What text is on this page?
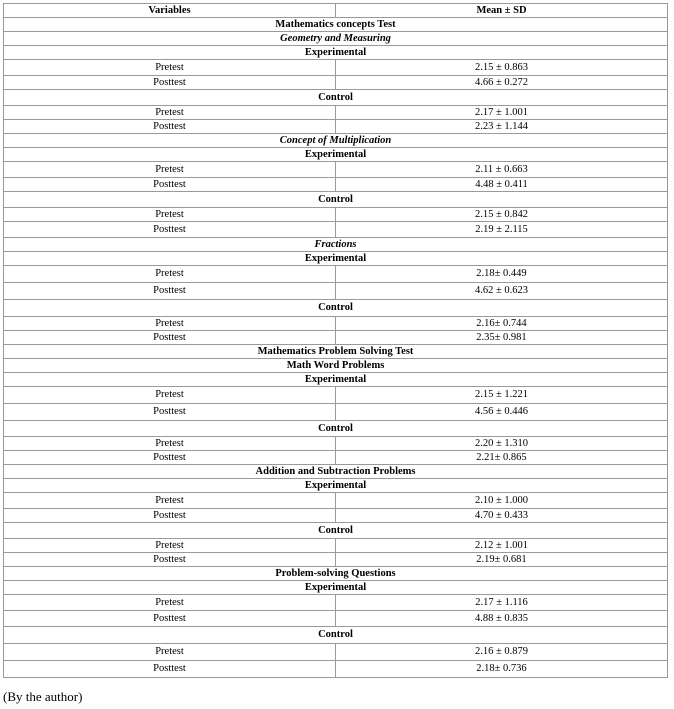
Variables	Mean ± SD
Mathematics concepts Test	
Geometry and Measuring	
Experimental	
Pretest	2.15 ± 0.863
Posttest	4.66 ± 0.272
Control	
Pretest	2.17 ± 1.001
Posttest	2.23 ± 1.144
Concept of Multiplication	
Experimental	
Pretest	2.11 ± 0.663
Posttest	4.48 ± 0.411
Control	
Pretest	2.15 ± 0.842
Posttest	2.19 ± 2.115
Fractions	
Experimental	
Pretest	2.18± 0.449
Posttest	4.62 ± 0.623
Control	
Pretest	2.16± 0.744
Posttest	2.35± 0.981
Mathematics Problem Solving Test	
Math Word Problems	
Experimental	
Pretest	2.15 ± 1.221
Posttest	4.56 ± 0.446
Control	
Pretest	2.20 ± 1.310
Posttest	2.21± 0.865
Addition and Subtraction Problems	
Experimental	
Pretest	2.10 ± 1.000
Posttest	4.70 ± 0.433
Control	
Pretest	2.12 ± 1.001
Posttest	2.19± 0.681
Problem-solving Questions	
Experimental	
Pretest	2.17 ± 1.116
Posttest	4.88 ± 0.835
Control	
Pretest	2.16 ± 0.879
Posttest	2.18± 0.736
(By the author)
